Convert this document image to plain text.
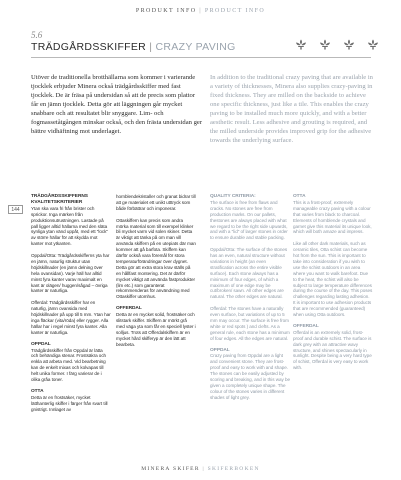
PRODUKT INFO | PRODUCT INFO
5.6
TRÄDGÅRDSSKIFFER | CRAZY PAVING

Utöver de traditionella brotthällarna som kommer i varierande tjocklek erbjuder Minera också trädgårdsskiffer med fast tjocklek. De är fräsa på undersidan så att de precis som plattor får en jämn tjocklek. Detta gör att läggningen går mycket snabbare och att resultatet blir snyggare. Lim- och fogmassetåtgången minskar också, och den frästa undersidan ger bättre vidhäftning mot underlaget.

In addition to the traditional crazy paving that are available in a variety of thicknesses, Minera also supplies crazy-paving in fixed thickness. They are milled on the backside to achieve one specific thickness, just like a tile. This enables the crazy paving to be installed much more quickly, and with a better aesthetic result. Less adhesive and grouting is required, and the milled underside provides improved grip for the adhesive towards the underlying surface.

144
TRÄDGÅRDSSKIFFERNS KVALITETSKRITERIER

Ytan ska vara fri från brister och sprickor. Inga märken från produktionsutrustningen. Lastade på pall ligger alltid hällarna med den släta synliga ytan vänd uppåt, med ett "lock" av större hällar för att skydda mot kanter mot ytkanten.

Oppdal/Otta: Trädgårdsskifferns yta har en jämn, naturlig struktur utan höjdskillnader (en jämn delning över hela ovansidan). Varje häll har alltid minst fyra kanter varav maximalt en kant är olägen/ huggen/sågad – övriga kanter är naturliga.

Offerdal: Trädgårdsskiffer har en naturlig, jämn ovansida med höjdskillnader på upp till 5 mm. Ytan har inga fläckar (vita/röda) eller rygger. Alla hällar har i regel minst fyra kanter. Alla kanter är naturliga.

OPPDAL

Trädgårdsskiffer från Oppdal är lätta och behändiga stenar. Frostsäkra och enkla att arbeta med. Vid bearbetning kan de enkelt mixas och kolvapas till helt unika former. I färg varierar de i olika gråa toner.

OTTA

Detta är en frostsäker, mycket lätthanterlig skiffer i färger från svart till gnistrigt. Innlaget av

hornblendekristaller och granat bidrar till att ge materialet ett unikt utttryck som både förbättrar och imponerar.

Ottaskiffern kan precis som andra mörka material som till exempel klinker bli mycket varm vid solen skiner. Detta är viktigt att tänka på om man vill använda skiffern på en utepiats där man kommer att gå barfota. Skiffern kan därför också vara föremål för stora temperaturförändringar över dygnet. Detta gör att extra stora krav ställs på en hållfast montering. Det är därför mycket viktigt att använda fästprodukter (lim etc.) som garanterat rekommenderas för användning med Ottaskiffer utomhus.

OFFERDAL

Detta är en mycket solid, frostsäker och slitstark skiffer. Skiffern är mörkt grå med väga yta som får en speciell lyster i solljus. Trots att Offerdalskiffern är en mycket hård skifferyp är den lätt att bearbeta.

QUALITY CRITERIA:

The surface is free from flaws and cracks. No stones are free from production marks. On our pallets, thestones are always placed with what we regard to be the right side upwards, and with a "lid" of larger stones in order to ensure durable and stable packing.

Oppdal/Otta: The surface of the stones has an even, natural structure without variations in height (an even stratification across the entire visible surface). Each stone always has a minimum of four edges, of which a maximum of one edge may be cut/broken/ sawn. All other edges are natural. The other edges are natural.

Offerdal: The stones have a naturally even surface, but variations of up to 5 mm may occur. The surface is free from white or red spots ) and clefts. As a general rule, each stone has a minimum of four edges. All the edges are natural.

OPPDAL

Crazy paving from Oppdal are a light and convenient stone. They are frost-proof and easy to work with and shape. The stones can be easily adjusted by scoring and breaking, and in this way be given a completely unique shape. The colour of the stones varies in different shades of light grey.

OTTA

This is a frost-proof, extremely manageable crazy paving with a colour that varies from black to charcoal. Elements of hornblende crystals and garnet give this material its unique look, which will both amaze and impress.

Like all other dark materials, such as ceramic tiles, Otta schist can become hot from the sun. This is important to take into consideration if you wish to use the schist outdoors in an area where you want to walk barefoot. Due to the heat, the schist will also be subject to large temperature differences during the course of the day. This poses challenges regarding lasting adhesion. It is important to use adhesion products that are recommended (guaranteed) when using Otta outdoors.

OFFERDAL

Offerdal is an extremely solid, frost-proof and durable schist. The surface is dark grey with an attractive wavy structure, and shines spectacularly in sunlight. Despite being a very hard type of schist, Offerdal is very easy to work with.

MINERA SKIFER | SKIFERBOKEN
